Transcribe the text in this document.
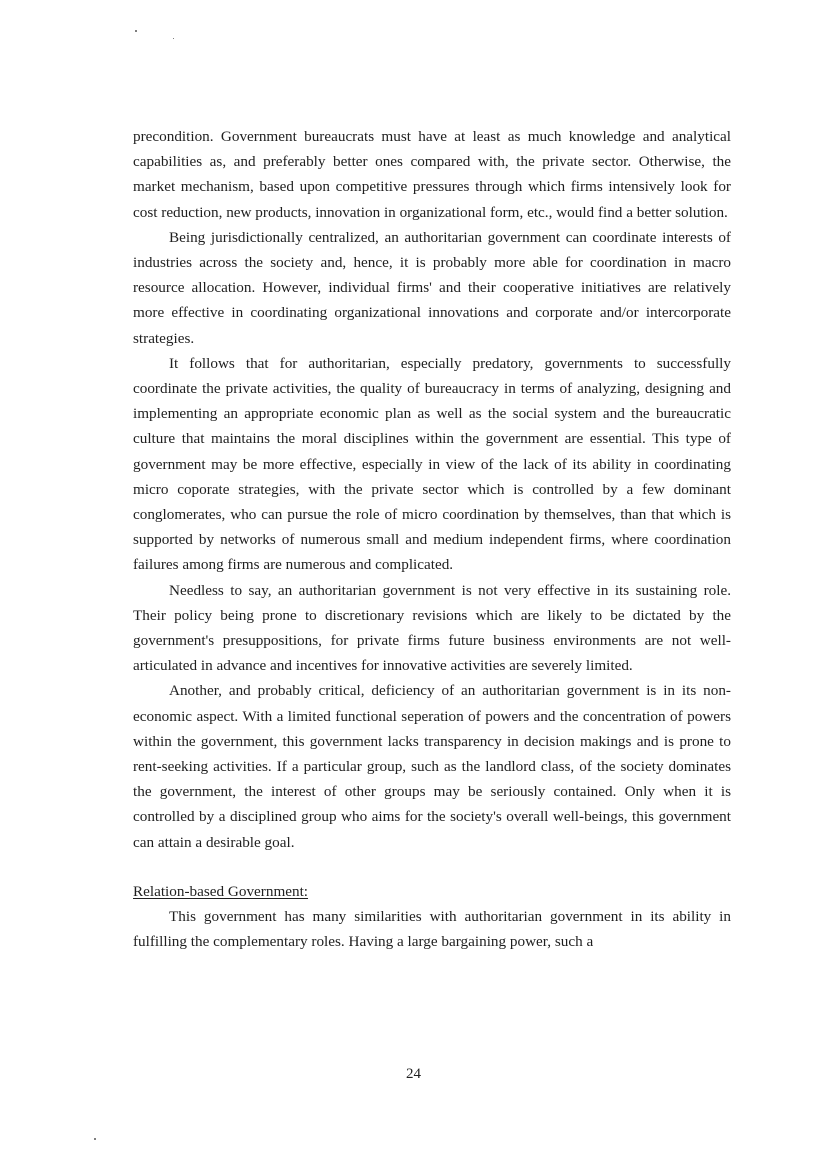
precondition. Government bureaucrats must have at least as much knowledge and analytical capabilities as, and preferably better ones compared with, the private sector. Otherwise, the market mechanism, based upon competitive pressures through which firms intensively look for cost reduction, new products, innovation in organizational form, etc., would find a better solution.

Being jurisdictionally centralized, an authoritarian government can coordinate interests of industries across the society and, hence, it is probably more able for coordination in macro resource allocation. However, individual firms' and their cooperative initiatives are relatively more effective in coordinating organizational innovations and corporate and/or intercorporate strategies.

It follows that for authoritarian, especially predatory, governments to successfully coordinate the private activities, the quality of bureaucracy in terms of analyzing, designing and implementing an appropriate economic plan as well as the social system and the bureaucratic culture that maintains the moral disciplines within the government are essential. This type of government may be more effective, especially in view of the lack of its ability in coordinating micro coporate strategies, with the private sector which is controlled by a few dominant conglomerates, who can pursue the role of micro coordination by themselves, than that which is supported by networks of numerous small and medium independent firms, where coordination failures among firms are numerous and complicated.

Needless to say, an authoritarian government is not very effective in its sustaining role. Their policy being prone to discretionary revisions which are likely to be dictated by the government's presuppositions, for private firms future business environments are not well-articulated in advance and incentives for innovative activities are severely limited.

Another, and probably critical, deficiency of an authoritarian government is in its non-economic aspect. With a limited functional seperation of powers and the concentration of powers within the government, this government lacks transparency in decision makings and is prone to rent-seeking activities. If a particular group, such as the landlord class, of the society dominates the government, the interest of other groups may be seriously contained. Only when it is controlled by a disciplined group who aims for the society's overall well-beings, this government can attain a desirable goal.

Relation-based Government:

This government has many similarities with authoritarian government in its ability in fulfilling the complementary roles. Having a large bargaining power, such a

24
